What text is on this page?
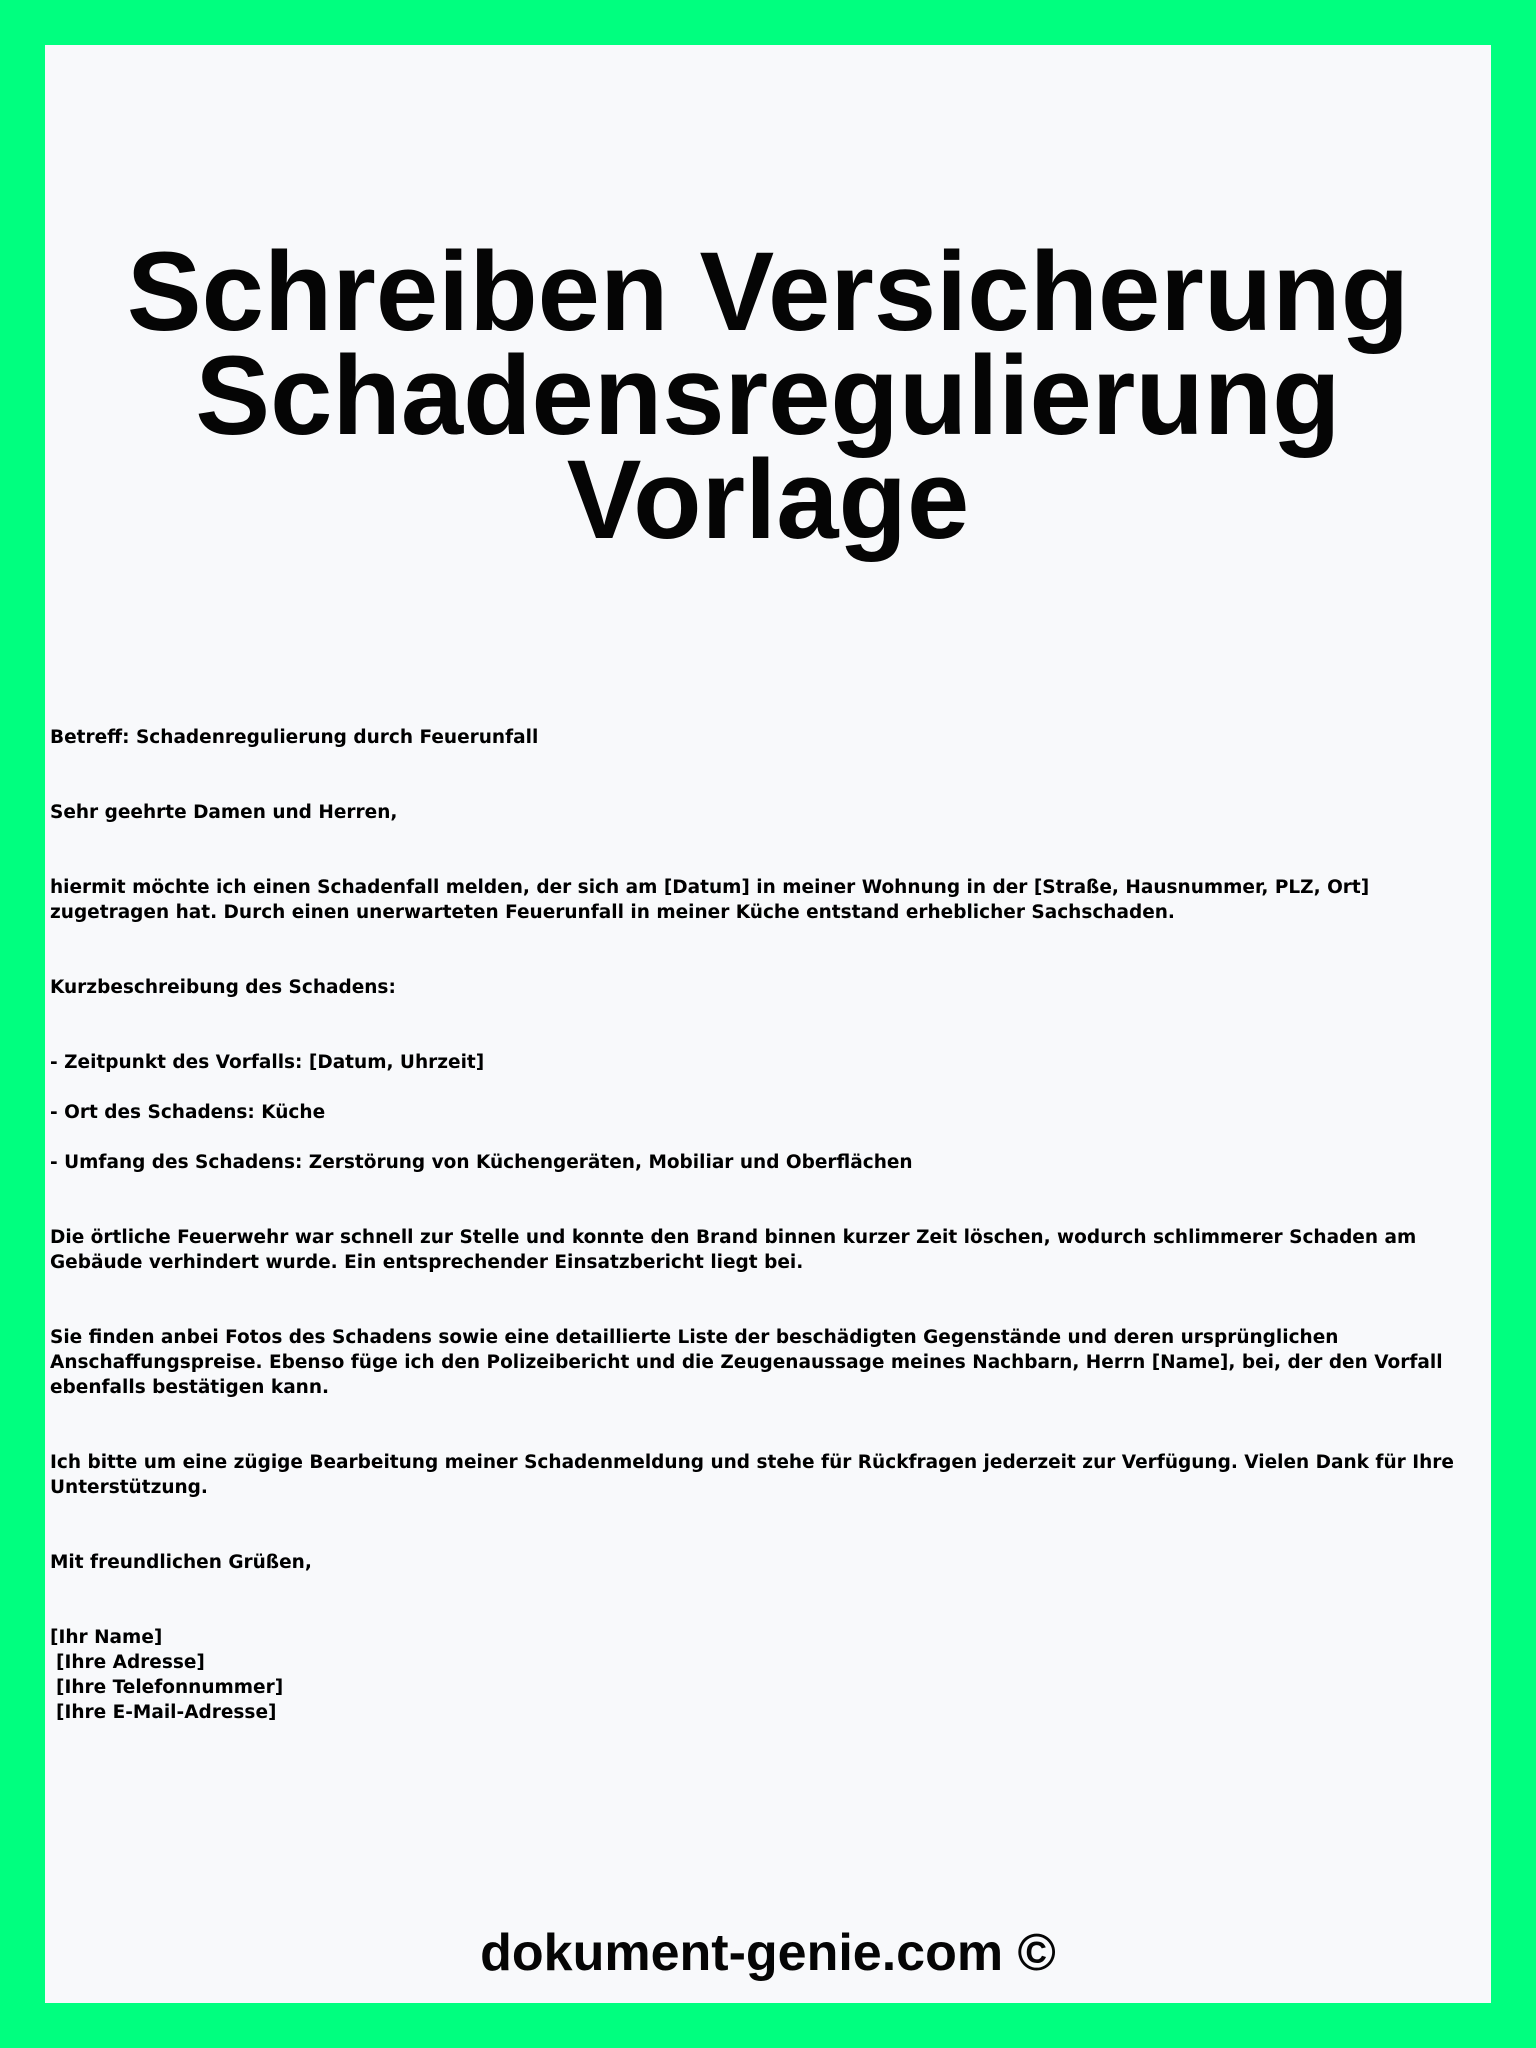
Schreiben Versicherung
Schadensregulierung
Vorlage

Betreff: Schadenregulierung durch Feuerunfall

Sehr geehrte Damen und Herren,

hiermit möchte ich einen Schadenfall melden, der sich am [Datum] in meiner Wohnung in der [Straße, Hausnummer, PLZ, Ort] zugetragen hat. Durch einen unerwarteten Feuerunfall in meiner Küche entstand erheblicher Sachschaden.

Kurzbeschreibung des Schadens:

- Zeitpunkt des Vorfalls: [Datum, Uhrzeit]

- Ort des Schadens: Küche

- Umfang des Schadens: Zerstörung von Küchengeräten, Mobiliar und Oberflächen

Die örtliche Feuerwehr war schnell zur Stelle und konnte den Brand binnen kurzer Zeit löschen, wodurch schlimmerer Schaden am Gebäude verhindert wurde. Ein entsprechender Einsatzbericht liegt bei.

Sie finden anbei Fotos des Schadens sowie eine detaillierte Liste der beschädigten Gegenstände und deren ursprünglichen Anschaffungspreise. Ebenso füge ich den Polizeibericht und die Zeugenaussage meines Nachbarn, Herrn [Name], bei, der den Vorfall ebenfalls bestätigen kann.

Ich bitte um eine zügige Bearbeitung meiner Schadenmeldung und stehe für Rückfragen jederzeit zur Verfügung. Vielen Dank für Ihre Unterstützung.

Mit freundlichen Grüßen,

[Ihr Name]
[Ihre Adresse]
[Ihre Telefonnummer]
[Ihre E-Mail-Adresse]

dokument-genie.com ©
